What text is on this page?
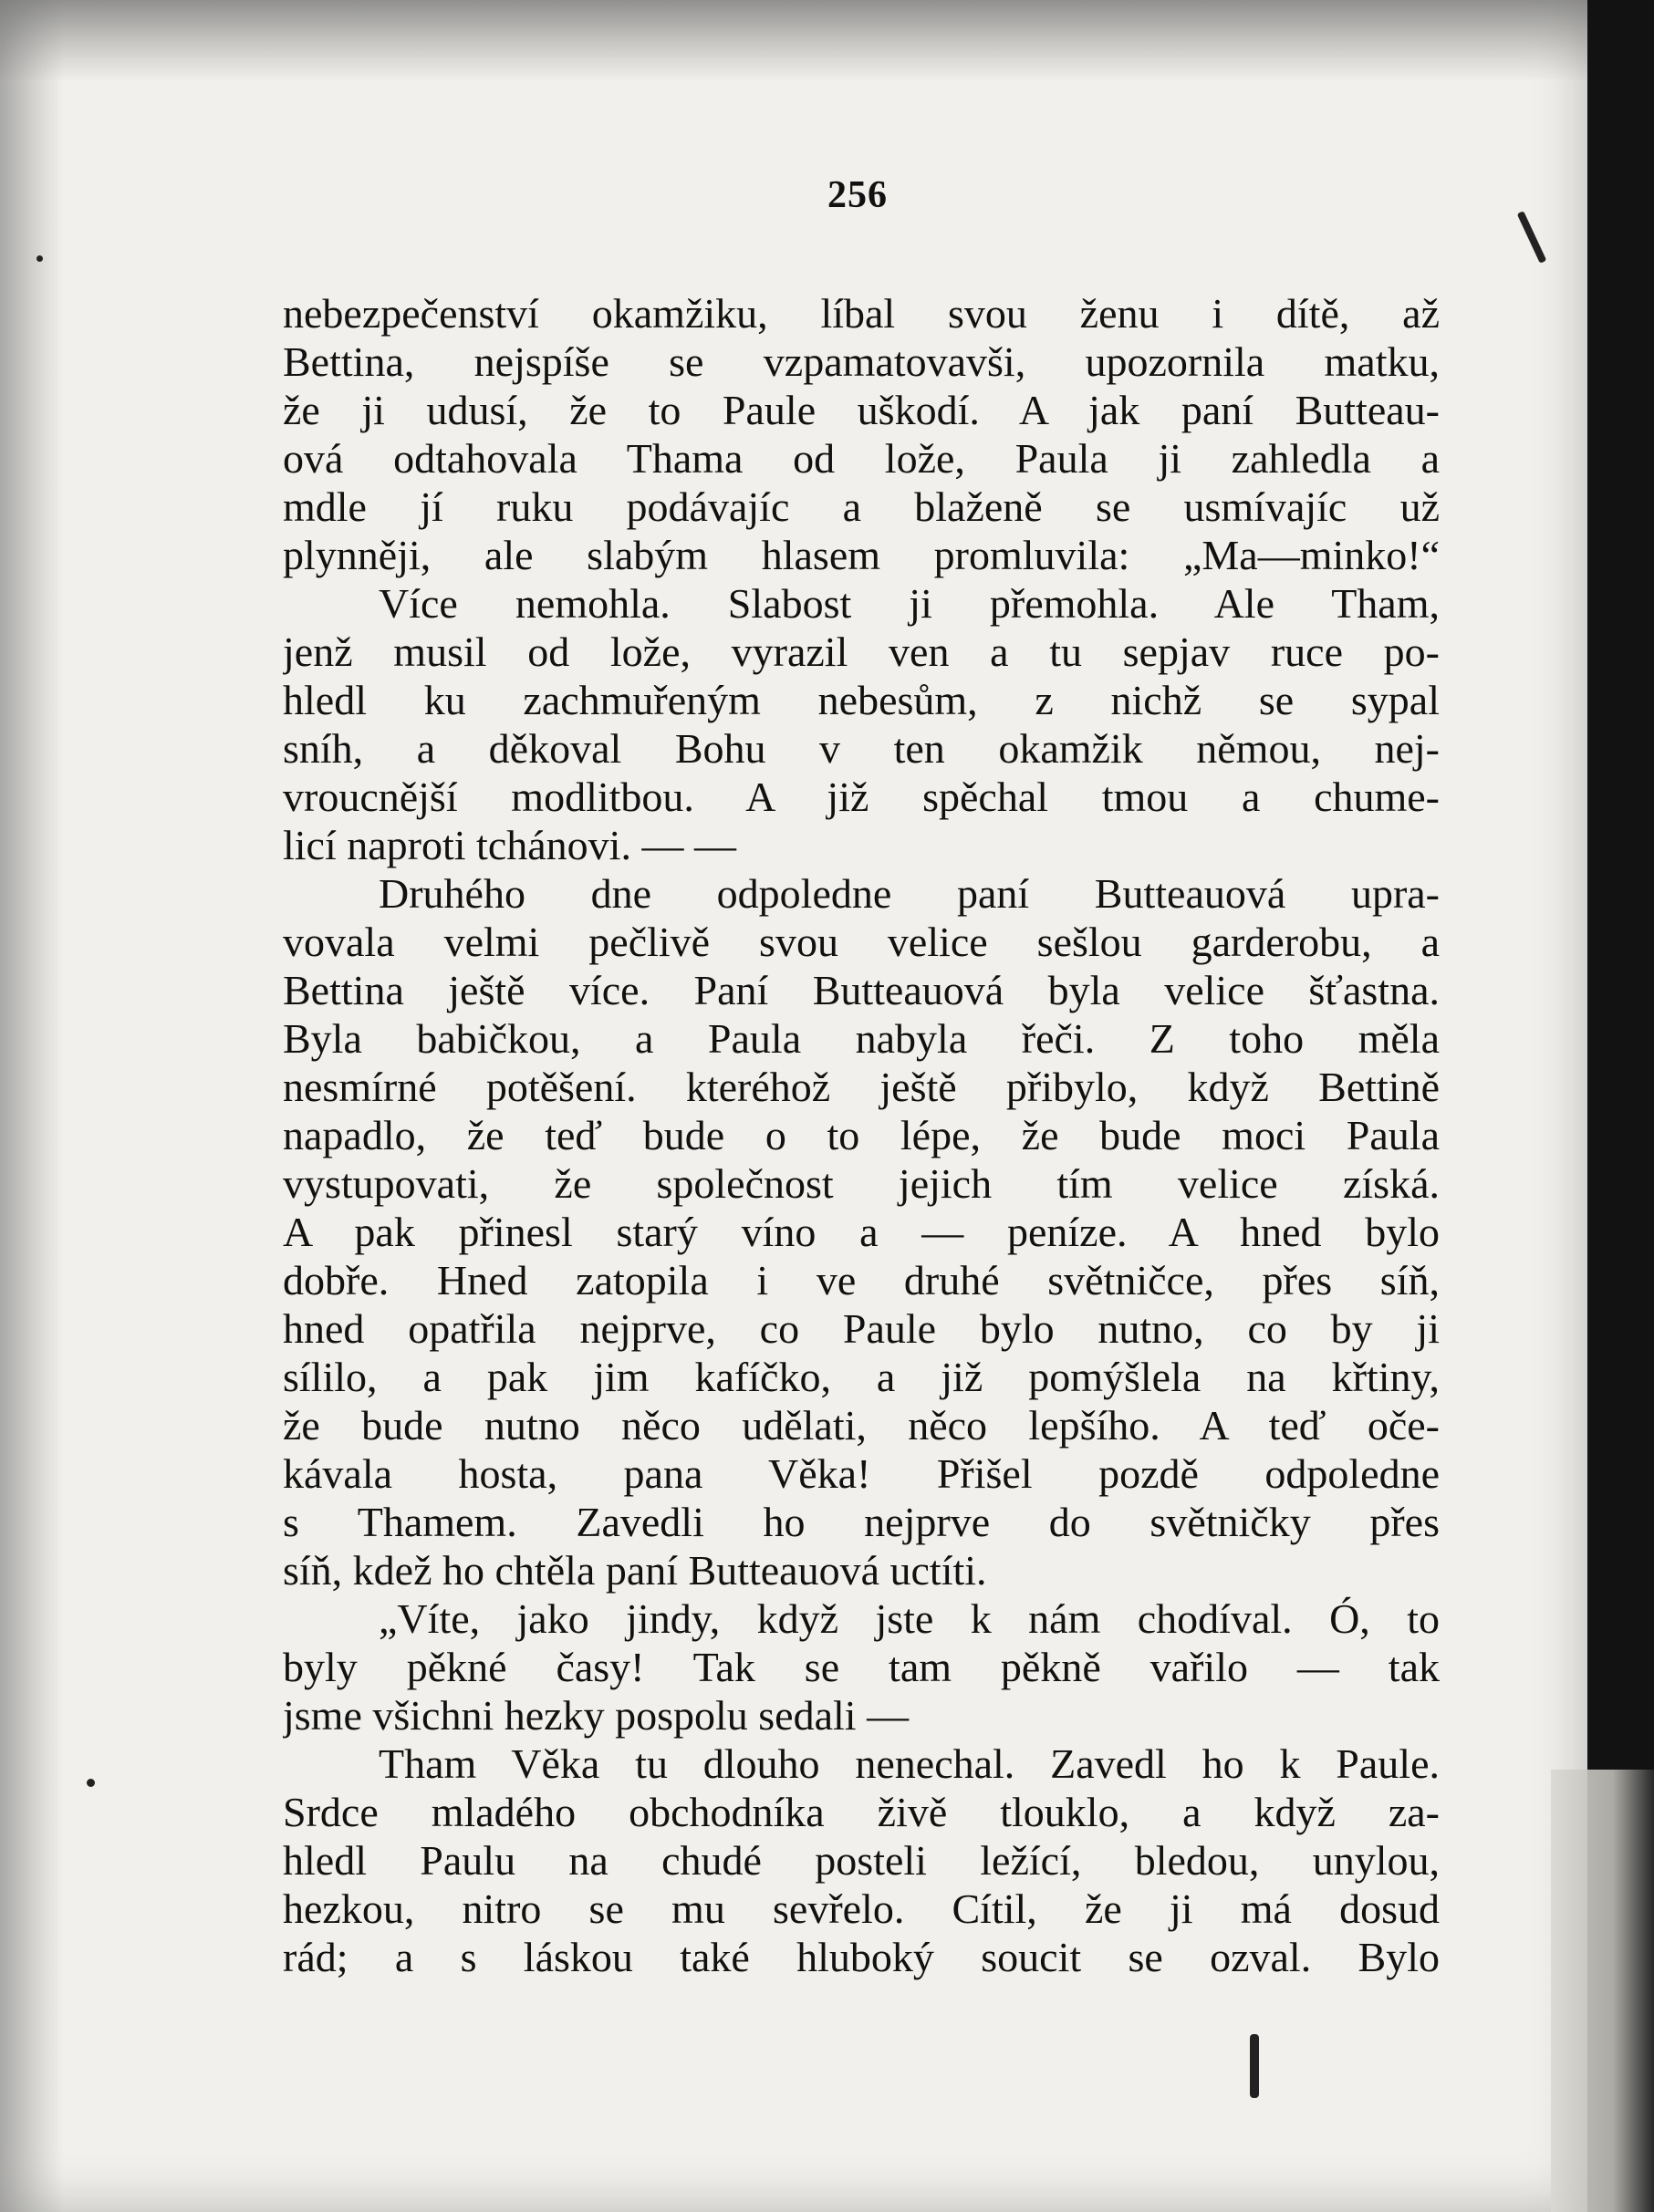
256
nebezpečenství okamžiku, líbal svou ženu i dítě, až
Bettina, nejspíše se vzpamatovavši, upozornila matku,
že ji udusí, že to Paule uškodí. A jak paní Butteau-
ová odtahovala Thama od lože, Paula ji zahledla a
mdle jí ruku podávajíc a blaženě se usmívajíc už
plynněji, ale slabým hlasem promluvila: „Ma—minko!“
Více nemohla. Slabost ji přemohla. Ale Tham,
jenž musil od lože, vyrazil ven a tu sepjav ruce po-
hledl ku zachmuřeným nebesům, z nichž se sypal
sníh, a děkoval Bohu v ten okamžik němou, nej-
vroucnější modlitbou. A již spěchal tmou a chume-
licí naproti tchánovi. — —
Druhého dne odpoledne paní Butteauová upra-
vovala velmi pečlivě svou velice sešlou garderobu, a
Bettina ještě více. Paní Butteauová byla velice šťastna.
Byla babičkou, a Paula nabyla řeči. Z toho měla
nesmírné potěšení. kteréhož ještě přibylo, když Bettině
napadlo, že teď bude o to lépe, že bude moci Paula
vystupovati, že společnost jejich tím velice získá.
A pak přinesl starý víno a — peníze. A hned bylo
dobře. Hned zatopila i ve druhé světničce, přes síň,
hned opatřila nejprve, co Paule bylo nutno, co by ji
sílilo, a pak jim kafíčko, a již pomýšlela na křtiny,
že bude nutno něco udělati, něco lepšího. A teď oče-
kávala hosta, pana Věka! Přišel pozdě odpoledne
s Thamem. Zavedli ho nejprve do světničky přes
síň, kdež ho chtěla paní Butteauová uctíti.
„Víte, jako jindy, když jste k nám chodíval. Ó, to
byly pěkné časy! Tak se tam pěkně vařilo — tak
jsme všichni hezky pospolu sedali —
Tham Věka tu dlouho nenechal. Zavedl ho k Paule.
Srdce mladého obchodníka živě tlouklo, a když za-
hledl Paulu na chudé posteli ležící, bledou, unylou,
hezkou, nitro se mu sevřelo. Cítil, že ji má dosud
rád; a s láskou také hluboký soucit se ozval. Bylo
